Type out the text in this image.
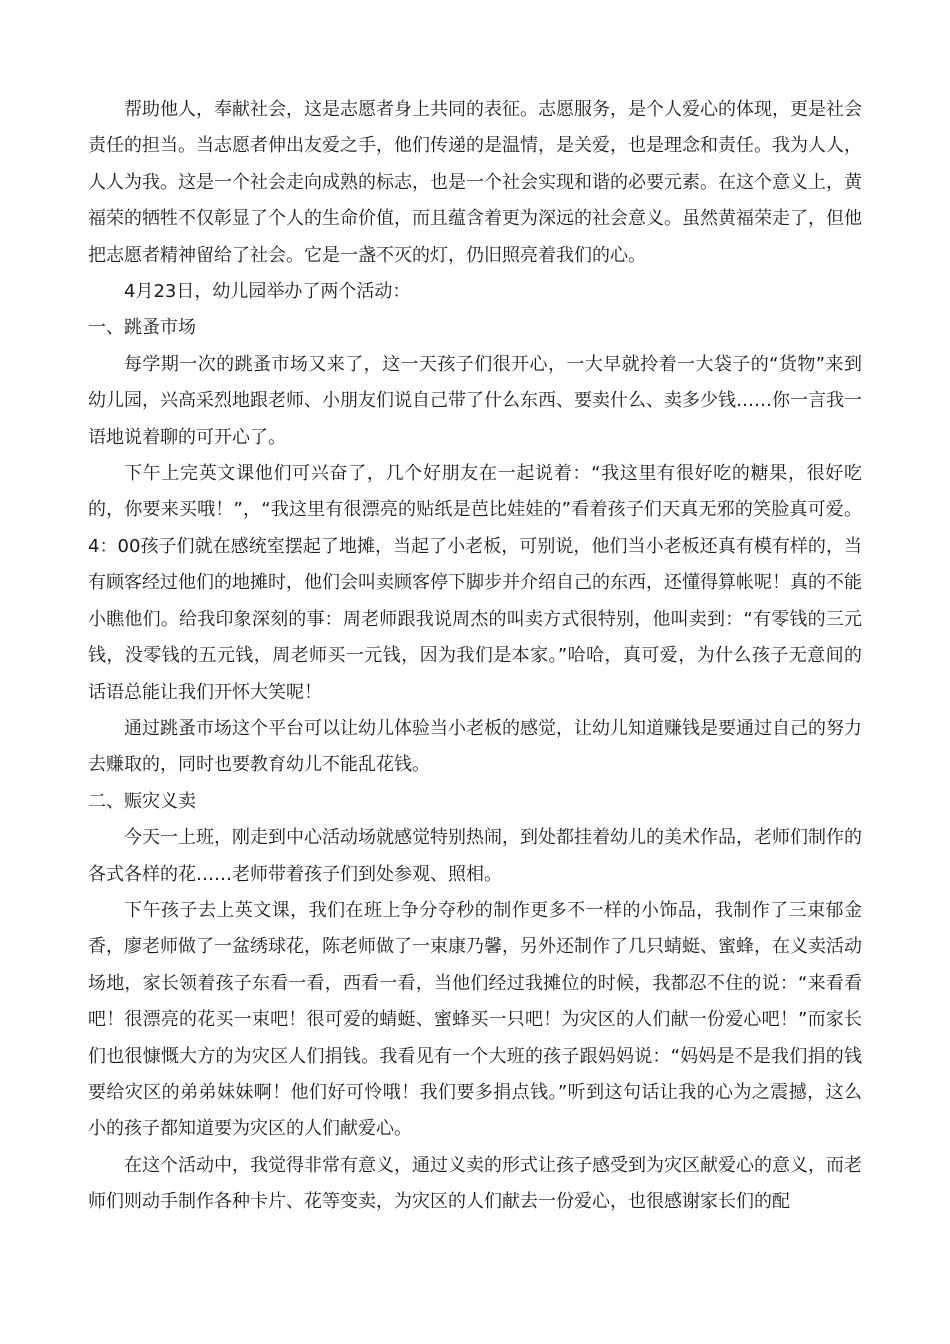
帮助他人，奉献社会，这是志愿者身上共同的表征。志愿服务，是个人爱心的体现，更是社会责任的担当。当志愿者伸出友爱之手，他们传递的是温情，是关爱，也是理念和责任。我为人人，人人为我。这是一个社会走向成熟的标志，也是一个社会实现和谐的必要元素。在这个意义上，黄福荣的牺牲不仅彰显了个人的生命价值，而且蕴含着更为深远的社会意义。虽然黄福荣走了，但他把志愿者精神留给了社会。它是一盏不灭的灯，仍旧照亮着我们的心。

4月23日，幼儿园举办了两个活动：

一、跳蚤市场

每学期一次的跳蚤市场又来了，这一天孩子们很开心，一大早就拎着一大袋子的“货物”来到幼儿园，兴高采烈地跟老师、小朋友们说自己带了什么东西、要卖什么、卖多少钱……你一言我一语地说着聊的可开心了。

下午上完英文课他们可兴奋了，几个好朋友在一起说着：“我这里有很好吃的糖果，很好吃的，你要来买哦！”，“我这里有很漂亮的贴纸是芭比娃娃的”看着孩子们天真无邪的笑脸真可爱。4：00孩子们就在感统室摆起了地摊，当起了小老板，可别说，他们当小老板还真有模有样的，当有顾客经过他们的地摊时，他们会叫卖顾客停下脚步并介绍自己的东西，还懂得算帐呢！真的不能小瞧他们。给我印象深刻的事：周老师跟我说周杰的叫卖方式很特别，他叫卖到：“有零钱的三元钱，没零钱的五元钱，周老师买一元钱，因为我们是本家。”哈哈，真可爱，为什么孩子无意间的话语总能让我们开怀大笑呢！

通过跳蚤市场这个平台可以让幼儿体验当小老板的感觉，让幼儿知道赚钱是要通过自己的努力去赚取的，同时也要教育幼儿不能乱花钱。

二、赈灾义卖

今天一上班，刚走到中心活动场就感觉特别热闹，到处都挂着幼儿的美术作品，老师们制作的各式各样的花……老师带着孩子们到处参观、照相。

下午孩子去上英文课，我们在班上争分夺秒的制作更多不一样的小饰品，我制作了三束郁金香，廖老师做了一盆绣球花，陈老师做了一束康乃馨，另外还制作了几只蜻蜓、蜜蜂，在义卖活动场地，家长领着孩子东看一看，西看一看，当他们经过我摊位的时候，我都忍不住的说：“来看看吧！很漂亮的花买一束吧！很可爱的蜻蜓、蜜蜂买一只吧！为灾区的人们献一份爱心吧！”而家长们也很慷慨大方的为灾区人们捐钱。我看见有一个大班的孩子跟妈妈说：“妈妈是不是我们捐的钱要给灾区的弟弟妹妹啊！他们好可怜哦！我们要多捐点钱。”听到这句话让我的心为之震撼，这么小的孩子都知道要为灾区的人们献爱心。

在这个活动中，我觉得非常有意义，通过义卖的形式让孩子感受到为灾区献爱心的意义，而老师们则动手制作各种卡片、花等变卖，为灾区的人们献去一份爱心，也很感谢家长们的配
